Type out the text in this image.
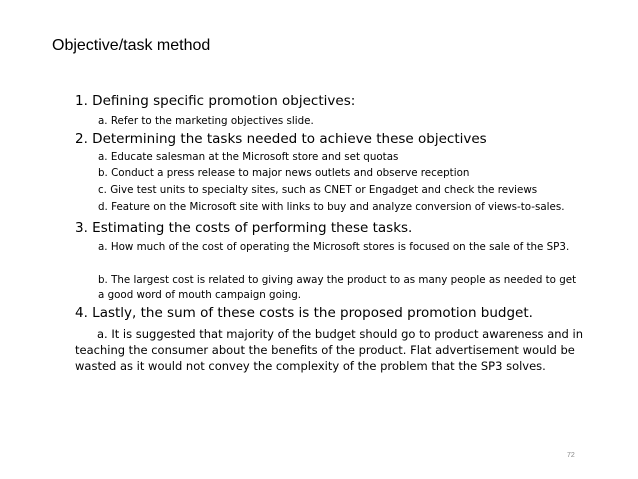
Objective/task method
1. Defining specific promotion objectives:
a. Refer to the marketing objectives slide.
2. Determining the tasks needed to achieve these objectives
a. Educate salesman at the Microsoft store and set quotas
b. Conduct a press release to major news outlets and observe reception
c. Give test units to specialty sites, such as CNET or Engadget and check the reviews
d. Feature on the Microsoft site with links to buy and analyze conversion of views-to-sales.
3. Estimating the costs of performing these tasks.
a. How much of the cost of operating the Microsoft stores is focused on the sale of the SP3.
b. The largest cost is related to giving away the product to as many people as needed to get a good word of mouth campaign going.
4. Lastly, the sum of these costs is the proposed promotion budget.
a. It is suggested that majority of the budget should go to product awareness and in teaching the consumer about the benefits of the product. Flat advertisement would be wasted as it would not convey the complexity of the problem that the SP3 solves.
72
